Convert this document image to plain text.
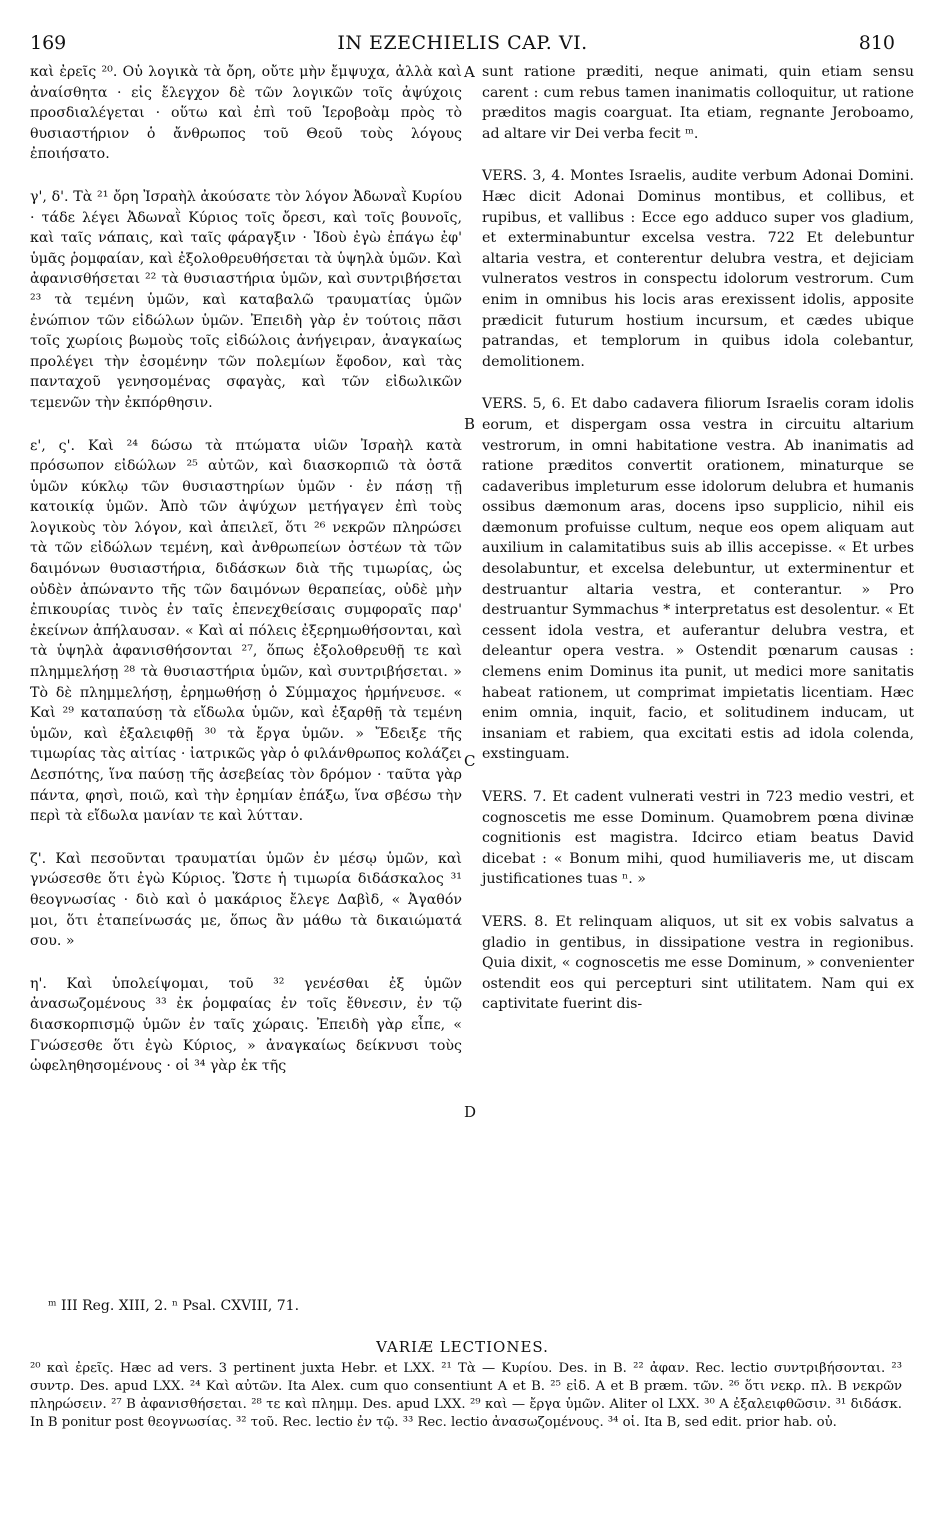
169	IN EZECHIELIS CAP. VI.	810

καὶ ἐρεῖς ²⁰. Οὐ λογικὰ τὰ ὄρη, οὔτε μὴν ἔμψυχα, ἀλλὰ καὶ ἀναίσθητα · εἰς ἔλεγχον δὲ τῶν λογικῶν τοῖς ἀψύχοις προσδιαλέγεται · οὕτω καὶ ἐπὶ τοῦ Ἱεροβοὰμ πρὸς τὸ θυσιαστήριον ὁ ἄνθρωπος τοῦ Θεοῦ τοὺς λόγους ἐποιήσατο.

γ', δ'. Τὰ ²¹ ὄρη Ἰσραὴλ ἀκούσατε τὸν λόγον Ἀδωναῒ Κυρίου · τάδε λέγει Ἀδωναῒ Κύριος τοῖς ὄρεσι, καὶ τοῖς βουνοῖς, καὶ ταῖς νάπαις, καὶ ταῖς φάραγξιν · Ἰδοὺ ἐγὼ ἐπάγω ἐφ' ὑμᾶς ῥομφαίαν, καὶ ἐξολοθρευθήσεται τὰ ὑψηλὰ ὑμῶν. Καὶ ἀφανισθήσεται ²² τὰ θυσιαστήρια ὑμῶν, καὶ συντριβήσεται ²³ τὰ τεμένη ὑμῶν, καὶ καταβαλῶ τραυματίας ὑμῶν ἐνώπιον τῶν εἰδώλων ὑμῶν. Ἐπειδὴ γὰρ ἐν τούτοις πᾶσι τοῖς χωρίοις βωμοὺς τοῖς εἰδώλοις ἀνήγειραν, ἀναγκαίως προλέγει τὴν ἐσομένην τῶν πολεμίων ἔφοδον, καὶ τὰς πανταχοῦ γενησομένας σφαγὰς, καὶ τῶν εἰδωλικῶν τεμενῶν τὴν ἐκπόρθησιν.

ε', ς'. Καὶ ²⁴ δώσω τὰ πτώματα υἱῶν Ἰσραὴλ κατὰ πρόσωπον εἰδώλων ²⁵ αὐτῶν, καὶ διασκορπιῶ τὰ ὀστᾶ ὑμῶν κύκλῳ τῶν θυσιαστηρίων ὑμῶν · ἐν πάσῃ τῇ κατοικίᾳ ὑμῶν. Ἀπὸ τῶν ἀψύχων μετήγαγεν ἐπὶ τοὺς λογικοὺς τὸν λόγον, καὶ ἀπειλεῖ, ὅτι ²⁶ νεκρῶν πληρώσει τὰ τῶν εἰδώλων τεμένη, καὶ ἀνθρωπείων ὀστέων τὰ τῶν δαιμόνων θυσιαστήρια, διδάσκων διὰ τῆς τιμωρίας, ὡς οὐδὲν ἀπώναντο τῆς τῶν δαιμόνων θεραπείας, οὐδὲ μὴν ἐπικουρίας τινὸς ἐν ταῖς ἐπενεχθείσαις συμφοραῖς παρ' ἐκείνων ἀπήλαυσαν. « Καὶ αἱ πόλεις ἐξερημωθήσονται, καὶ τὰ ὑψηλὰ ἀφανισθήσονται ²⁷, ὅπως ἐξολοθρευθῇ τε καὶ πλημμελήσῃ ²⁸ τὰ θυσιαστήρια ὑμῶν, καὶ συντριβήσεται. » Τὸ δὲ πλημμελήσῃ, ἐρημωθήσῃ ὁ Σύμμαχος ἡρμήνευσε. « Καὶ ²⁹ καταπαύσῃ τὰ εἴδωλα ὑμῶν, καὶ ἐξαρθῇ τὰ τεμένη ὑμῶν, καὶ ἐξαλειφθῇ ³⁰ τὰ ἔργα ὑμῶν. » Ἔδειξε τῆς τιμωρίας τὰς αἰτίας · ἰατρικῶς γὰρ ὁ φιλάνθρωπος κολάζει Δεσπότης, ἵνα παύσῃ τῆς ἀσεβείας τὸν δρόμον · ταῦτα γὰρ πάντα, φησὶ, ποιῶ, καὶ τὴν ἐρημίαν ἐπάξω, ἵνα σβέσω τὴν περὶ τὰ εἴδωλα μανίαν τε καὶ λύτταν.

ζ'. Καὶ πεσοῦνται τραυματίαι ὑμῶν ἐν μέσῳ ὑμῶν, καὶ γνώσεσθε ὅτι ἐγὼ Κύριος. Ὥστε ἡ τιμωρία διδάσκαλος ³¹ θεογνωσίας · διὸ καὶ ὁ μακάριος ἔλεγε Δαβὶδ, « Ἀγαθόν μοι, ὅτι ἐταπείνωσάς με, ὅπως ἂν μάθω τὰ δικαιώματά σου. »

η'. Καὶ ὑπολείψομαι, τοῦ ³² γενέσθαι ἐξ ὑμῶν ἀνασωζομένους ³³ ἐκ ῥομφαίας ἐν τοῖς ἔθνεσιν, ἐν τῷ διασκορπισμῷ ὑμῶν ἐν ταῖς χώραις. Ἐπειδὴ γὰρ εἶπε, « Γνώσεσθε ὅτι ἐγὼ Κύριος, » ἀναγκαίως δείκνυσι τοὺς ὠφεληθησομένους · οἱ ³⁴ γὰρ ἐκ τῆς

sunt ratione præditi, neque animati, quin etiam sensu carent : cum rebus tamen inanimatis colloquitur, ut ratione præditos magis coarguat. Ita etiam, regnante Jeroboamo, ad altare vir Dei verba fecit ᵐ.

VERS. 3, 4. Montes Israelis, audite verbum Adonai Domini. Hæc dicit Adonai Dominus montibus, et collibus, et rupibus, et vallibus : Ecce ego adduco super vos gladium, et exterminabuntur excelsa vestra. 722 Et delebuntur altaria vestra, et conterentur delubra vestra, et dejiciam vulneratos vestros in conspectu idolorum vestrorum. Cum enim in omnibus his locis aras erexissent idolis, apposite prædicit futurum hostium incursum, et cædes ubique patrandas, et templorum in quibus idola colebantur, demolitionem.

VERS. 5, 6. Et dabo cadavera filiorum Israelis coram idolis eorum, et dispergam ossa vestra in circuitu altarium vestrorum, in omni habitatione vestra. Ab inanimatis ad ratione præditos convertit orationem, minaturque se cadaveribus impleturum esse idolorum delubra et humanis ossibus dæmonum aras, docens ipso supplicio, nihil eis dæmonum profuisse cultum, neque eos opem aliquam aut auxilium in calamitatibus suis ab illis accepisse. « Et urbes desolabuntur, et excelsa delebuntur, ut exterminentur et destruantur altaria vestra, et conterantur. » Pro destruantur Symmachus * interpretatus est desolentur. « Et cessent idola vestra, et auferantur delubra vestra, et deleantur opera vestra. » Ostendit pœnarum causas : clemens enim Dominus ita punit, ut medici more sanitatis habeat rationem, ut comprimat impietatis licentiam. Hæc enim omnia, inquit, facio, et solitudinem inducam, ut insaniam et rabiem, qua excitati estis ad idola colenda, exstinguam.

VERS. 7. Et cadent vulnerati vestri in 723 medio vestri, et cognoscetis me esse Dominum. Quamobrem pœna divinæ cognitionis est magistra. Idcirco etiam beatus David dicebat : « Bonum mihi, quod humiliaveris me, ut discam justificationes tuas ⁿ. »

VERS. 8. Et relinquam aliquos, ut sit ex vobis salvatus a gladio in gentibus, in dissipatione vestra in regionibus. Quia dixit, « cognoscetis me esse Dominum, » convenienter ostendit eos qui percepturi sint utilitatem. Nam qui ex captivitate fuerint dis-

A
B
C
D
ᵐ III Reg. XIII, 2. ⁿ Psal. CXVIII, 71.
VARIÆ LECTIONES.
²⁰ καὶ ἐρεῖς. Hæc ad vers. 3 pertinent juxta Hebr. et LXX. ²¹ Τὰ — Κυρίου. Des. in B. ²² ἀφαν. Rec. lectio συντριβήσονται. ²³ συντρ. Des. apud LXX. ²⁴ Καὶ αὐτῶν. Ita Alex. cum quo consentiunt A et B. ²⁵ εἰδ. A et B præm. τῶν. ²⁶ ὅτι νεκρ. πλ. B νεκρῶν πληρώσειν. ²⁷ B ἀφανισθήσεται. ²⁸ τε καὶ πλημμ. Des. apud LXX. ²⁹ καὶ — ἔργα ὑμῶν. Aliter ol LXX. ³⁰ A ἐξαλειφθῶσιν. ³¹ διδάσκ. In B ponitur post θεογνωσίας. ³² τοῦ. Rec. lectio ἐν τῷ. ³³ Rec. lectio ἀνασωζομένους. ³⁴ οἱ. Ita B, sed edit. prior hab. οὐ.
